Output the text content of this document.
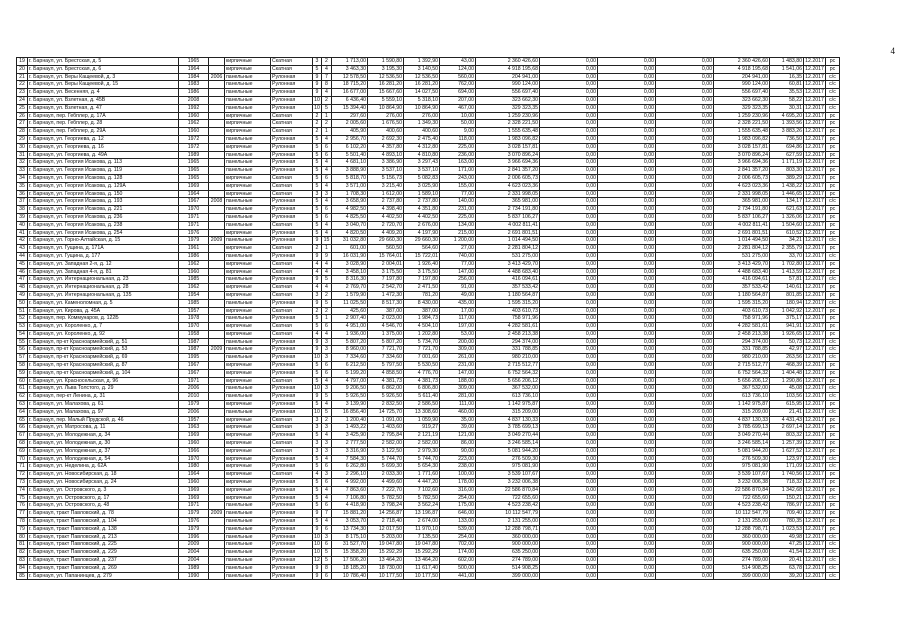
4
19	г. Барнаул, ул. Брестская, д. 5	1965		кирпичные	Скатная	3	2	1 713,00	1 590,80	1 392,90	43,00	2 360 426,60	0,00	0,00	0,00	2 360 426,60	1 483,80	12.2017	рс
20	г. Барнаул, ул. Брестская, д. 6	1964		кирпичные	Скатная	5	4	3 463,30	3 195,30	3 140,50	124,00	4 918 195,68	0,00	0,00	0,00	4 918 195,68	1 541,06	12.2017	рс
21	г. Барнаул, ул. Веры Кащеевой, д. 3	1984	2006	панельные	Рулонная	9	7	12 578,50	12 536,50	12 536,50	560,00	204 941,00	0,00	0,00	0,00	204 941,00	16,35	12.2017	с/с
22	г. Барнаул, ул. Веры Кащеевой, д. 15	1983		панельные	Рулонная	9	8	18 715,20	16 281,20	16 281,20	762,00	990 124,00	0,00	0,00	0,00	990 124,00	60,81	12.2017	с/с
23	г. Барнаул, ул. Весенняя, д. 4	1986		панельные	Рулонная	9	4	16 677,00	15 667,60	14 027,50	694,00	556 697,40	0,00	0,00	0,00	556 697,40	35,53	12.2017	с/с
24	г. Барнаул, ул. Взлетная, д. 45В	2008		панельные	Рулонная	10	2	6 436,40	5 559,10	5 318,10	207,00	323 662,30	0,00	0,00	0,00	323 662,30	58,22	12.2017	с/с
25	г. Барнаул, ул. Взлетная, д. 47	1992		панельные	Рулонная	10	5	15 394,40	10 864,90	10 864,90	467,00	329 323,35	0,00	0,00	0,00	329 323,35	30,31	12.2017	с/с
26	г. Барнаул, пер. Гебплер, д. 17А	1960		кирпичные	Скатная	2	1	297,60	276,00	276,00	10,00	1 259 230,96	0,00	0,00	0,00	1 259 230,96	4 695,20	12.2017	рс
27	г. Барнаул, пер. Гебплер, д. 28	1962		кирпичные	Скатная	2	2	2 005,60	1 676,50	1 349,30	50,00	2 328 221,50	0,00	0,00	0,00	2 328 221,50	1 393,56	12.2017	рс
28	г. Барнаул, пер. Гебплер, д. 29А	1960		кирпичные	Скатная	2	1	405,90	400,60	400,60	9,00	1 555 635,48	0,00	0,00	0,00	1 555 635,48	3 883,26	12.2017	рс
29	г. Барнаул, ул. Георгиева, д. 12	1972		панельные	Рулонная	5	4	2 956,70	2 692,30	2 475,40	118,00	1 983 096,82	0,00	0,00	0,00	1 983 096,82	736,50	12.2017	рс
30	г. Барнаул, ул. Георгиева, д. 16	1972		кирпичные	Рулонная	5	6	6 102,20	4 357,80	4 312,80	225,00	3 028 157,81	0,00	0,00	0,00	3 028 157,81	694,86	12.2017	рс
31	г. Барнаул, ул. Георгиева, д. 49А	1989		панельные	Рулонная	5	6	5 501,40	4 893,10	4 810,80	236,00	3 070 896,24	0,00	0,00	0,00	3 070 896,24	627,59	12.2017	рс
32	г. Барнаул, ул. Георгия Исакова, д. 113	1965		панельные	Рулонная	5	4	4 681,10	3 386,90	3 297,43	163,00	3 966 694,36	0,00	0,00	0,00	3 966 694,36	1 171,19	12.2017	рс
33	г. Барнаул, ул. Георгия Исакова, д. 119	1965		панельные	Рулонная	5	4	3 888,90	3 537,10	3 537,10	171,00	2 841 357,20	0,00	0,00	0,00	2 841 357,20	803,30	12.2017	рс
34	г. Барнаул, ул. Георгия Исакова, д. 128	1965		кирпичные	Скатная	5	6	5 818,70	5 156,73	5 082,83	243,00	2 006 605,73	0,00	0,00	0,00	2 006 605,73	389,29	12.2017	рс
35	г. Барнаул, ул. Георгия Исакова, д. 129А	1969		кирпичные	Скатная	5	4	3 571,00	3 215,40	3 025,90	155,00	4 623 023,36	0,00	0,00	0,00	4 623 023,36	1 438,22	12.2017	рс
36	г. Барнаул, ул. Георгия Исакова, д. 150	1964		кирпичные	Скатная	3	3	1 708,30	1 612,00	1 589,10	77,00	2 331 998,05	0,00	0,00	0,00	2 331 998,05	1 446,65	12.2017	рс
37	г. Барнаул, ул. Георгия Исакова, д. 193	1967	2008	панельные	Рулонная	5	4	3 658,90	2 737,80	2 737,80	140,00	365 981,00	0,00	0,00	0,00	365 981,00	134,17	12.2017	с/с
38	г. Барнаул, ул. Георгия Исакова, д. 221	1970		панельные	Рулонная	5	6	4 982,50	4 398,40	4 351,80	231,00	2 734 191,80	0,00	0,00	0,00	2 734 191,80	621,63	12.2017	рс
39	г. Барнаул, ул. Георгия Исакова, д. 236	1971		панельные	Рулонная	5	6	4 825,50	4 402,50	4 402,50	225,00	5 837 106,27	0,00	0,00	0,00	5 837 106,27	1 326,06	12.2017	рс
40	г. Барнаул, ул. Георгия Исакова, д. 238	1971		панельные	Скатная	5	4	3 040,70	2 720,70	2 676,00	134,00	4 002 811,41	0,00	0,00	0,00	4 002 811,41	1 504,60	12.2017	рс
41	г. Барнаул, ул. Георгия Исакова, д. 254	1976		кирпичные	Рулонная	5	4	4 820,50	4 409,20	4 197,90	215,00	2 691 801,51	0,00	0,00	0,00	2 691 801,51	610,52	12.2017	рс
42	г. Барнаул, ул. Горно-Алтайская, д. 15	1979	2009	панельные	Рулонная	9	15	31 032,80	29 660,30	29 660,30	1 200,00	1 014 494,50	0,00	0,00	0,00	1 014 494,50	34,21	12.2017	с/с
43	г. Барнаул, ул. Гущина, д. 171А	1961		кирпичные	Скатная	2	1	601,00	560,50	564,60	27,00	2 281 804,12	0,00	0,00	0,00	2 281 804,12	2 355,79	12.2017	рс
44	г. Барнаул, ул. Гущина, д. 177	1986		панельные	Рулонная	9	9	16 031,90	15 764,01	15 722,01	740,00	531 275,00	0,00	0,00	0,00	531 275,00	33,70	12.2017	с/с
45	г. Барнаул, ул. Западная 2-я, д. 12	1962		кирпичные	Скатная	4	4	3 028,90	2 004,01	1 926,40	77,00	3 413 429,70	0,00	0,00	0,00	3 413 429,70	1 702,80	12.2017	рс
46	г. Барнаул, ул. Западная 4-я, д. 81	1960		кирпичные	Скатная	4	4	3 458,10	3 175,50	3 175,50	147,00	4 488 683,40	0,00	0,00	0,00	4 488 683,40	1 413,59	12.2017	рс
47	г. Барнаул, ул. Интернациональная, д. 23	1985		панельные	Рулонная	9	5	8 316,30	7 197,80	7 197,80	256,00	416 094,61	0,00	0,00	0,00	416 094,61	57,81	12.2017	с/с
48	г. Барнаул, ул. Интернациональная, д. 28	1962		кирпичные	Скатная	4	4	2 769,70	2 542,70	2 471,50	91,00	357 533,42	0,00	0,00	0,00	357 533,42	140,61	12.2017	рс
49	г. Барнаул, ул. Интернациональная, д. 135	1954		кирпичные	Скатная	3	2	1 579,90	1 472,30	781,20	49,00	1 180 564,87	0,00	0,00	0,00	1 180 564,87	801,85	12.2017	рс
50	г. Барнаул, ул. Каменоломная, д. 5	1985		панельные	Рулонная	9	5	11 025,50	8 517,30	8 430,00	435,00	1 595 315,20	0,00	0,00	0,00	1 595 315,20	180,94	12.2017	с/с
51	г. Барнаул, ул. Кирова, д. 45А	1957		кирпичные	Скатная	2	2	425,60	387,00	387,00	17,00	403 610,73	0,00	0,00	0,00	403 610,73	1 042,92	12.2017	рс
52	г. Барнаул, пер. Коммунаров, д. 122Б	1978		панельные	Рулонная	5	1	2 907,40	2 023,00	1 984,73	117,00	758 971,96	0,00	0,00	0,00	758 971,96	375,17	12.2017	рс
53	г. Барнаул, ул. Короленко, д. 7	1970		кирпичные	Скатная	5	6	4 951,00	4 546,70	4 504,10	197,00	4 282 581,61	0,00	0,00	0,00	4 282 581,61	941,91	12.2017	рс
54	г. Барнаул, ул. Короленко, д. 92	1958		кирпичные	Скатная	4	4	1 936,00	1 375,00	1 202,80	53,00	2 458 213,38	0,00	0,00	0,00	2 458 213,38	1 926,65	12.2017	рс
55	г. Барнаул, пр-кт Красноармейский, д. 51	1987		панельные	Рулонная	9	3	5 807,20	5 807,20	5 734,70	200,00	294 374,00	0,00	0,00	0,00	294 374,00	50,73	12.2017	с/с
56	г. Барнаул, пр-кт Красноармейский, д. 53	1987	2009	панельные	Рулонная	9	3	8 960,00	7 721,70	7 721,70	309,00	331 788,85	0,00	0,00	0,00	331 788,85	42,97	12.2017	с/с
57	г. Барнаул, пр-кт Красноармейский, д. 69	1995		панельные	Рулонная	10	3	7 334,60	7 334,60	7 001,60	261,00	980 210,00	0,00	0,00	0,00	980 210,00	263,56	12.2017	с/с
58	г. Барнаул, пр-кт Красноармейский, д. 87	1967		кирпичные	Рулонная	5	6	6 212,50	5 797,50	5 530,50	231,00	2 715 512,77	0,00	0,00	0,00	2 715 512,77	468,39	12.2017	рс
59	г. Барнаул, пр-кт Красноармейский, д. 104	1967		кирпичные	Рулонная	5	6	5 199,20	4 858,50	4 776,70	147,00	6 752 564,32	0,00	0,00	0,00	6 752 564,32	1 404,48	12.2017	рс
60	г. Барнаул, ул. Красносельская, д. 96	1971		кирпичные	Скатная	5	4	4 797,00	4 381,73	4 381,73	188,00	5 656 206,12	0,00	0,00	0,00	5 656 206,12	1 290,86	12.2017	рс
61	г. Барнаул, ул. Льва Толстого, д. 29	2006		панельные	Рулонная	10	3	9 206,50	6 862,00	6 806,80	309,00	367 532,00	0,00	0,00	0,00	367 532,00	45,08	12.2017	с/с
62	г. Барнаул, пер-кт Ленина, д. 31	2010		панельные	Рулонная	9	5	5 926,50	5 926,50	5 611,40	281,00	613 736,10	0,00	0,00	0,00	613 736,10	103,56	12.2017	с/с
63	г. Барнаул, ул. Малахова, д. 61	1979		кирпичные	Рулонная	5	4	3 139,90	2 832,50	2 586,50	111,00	1 142 975,87	0,00	0,00	0,00	1 142 975,87	615,95	12.2017	рс
64	г. Барнаул, ул. Малахова, д. 97	2006		панельные	Рулонная	10	5	16 856,40	14 725,70	13 308,60	460,00	315 209,00	0,00	0,00	0,00	315 209,00	21,41	12.2017	с/с
65	г. Барнаул, пер. Малый Прудской, д. 46	1957		кирпичные	Скатная	3	2	1 200,40	1 091,00	1 059,90	35,00	4 837 130,33	0,00	0,00	0,00	4 837 130,33	4 431,43	12.2017	рс
66	г. Барнаул, ул. Матросова, д. 11	1963		кирпичные	Скатная	3	3	1 493,22	1 403,60	919,27	39,00	3 785 699,13	0,00	0,00	0,00	3 785 699,13	2 697,14	12.2017	рс
67	г. Барнаул, ул. Молодежная, д. 34	1969		кирпичные	Рулонная	5	4	3 425,90	2 795,84	2 121,19	121,00	3 049 270,44	0,00	0,00	0,00	3 049 270,44	803,32	12.2017	рс
68	г. Барнаул, ул. Молодежная, д. 30	1960		кирпичные	Скатная	3	3	2 777,50	2 582,00	2 582,00	86,00	3 246 585,14	0,00	0,00	0,00	3 246 585,14	1 257,39	12.2017	рс
69	г. Барнаул, ул. Молодежная, д. 37	1966		кирпичные	Скатная	3	3	3 316,90	3 122,50	2 979,30	90,00	5 081 944,20	0,00	0,00	0,00	5 081 944,20	1 627,52	12.2017	рс
70	г. Барнаул, ул. Молодежная, д. 54	1970		кирпичные	Рулонная	5	4	7 584,30	5 744,70	5 744,70	223,00	276 509,30	0,00	0,00	0,00	276 509,30	123,97	12.2017	с/с
71	г. Барнаул, ул. Неделина, д. 62А	1980		кирпичные	Рулонная	5	6	6 262,80	5 699,30	5 654,30	238,00	975 081,90	0,00	0,00	0,00	975 081,90	171,09	12.2017	с/с
72	г. Барнаул, ул. Новосибирская, д. 18	1964		кирпичные	Скатная	4	3	2 296,10	2 033,30	1 771,60	100,00	3 539 107,67	0,00	0,00	0,00	3 539 107,67	1 740,56	12.2017	рс
73	г. Барнаул, ул. Новосибирская, д. 24	1960		кирпичные	Рулонная	5	6	4 992,00	4 499,60	4 447,20	178,00	3 232 006,38	0,00	0,00	0,00	3 232 006,38	718,32	12.2017	рс
74	г. Барнаул, ул. Островского, д. 3	1969		кирпичные	Рулонная	5	4	7 863,60	7 222,70	7 102,60	316,00	22 586 870,84	0,00	0,00	0,00	22 586 870,84	1 342,68	12.2017	рс
75	г. Барнаул, ул. Островского, д. 17	1969		кирпичные	Рулонная	5	4	7 106,80	5 782,50	5 782,50	254,00	722 655,60	0,00	0,00	0,00	722 655,60	150,21	12.2017	с/с
76	г. Барнаул, ул. Островского, д. 48	1971		панельные	Рулонная	5	6	4 418,90	3 798,24	3 562,24	175,00	4 523 238,42	0,00	0,00	0,00	4 523 238,42	786,97	12.2017	рс
77	г. Барнаул, тракт Павловский, д. 78	1979	2009	панельные	Рулонная	9	7	15 881,20	14 256,87	13 196,87	646,00	10 112 547,79	0,00	0,00	0,00	10 112 547,79	709,40	12.2017	рс
78	г. Барнаул, тракт Павловский, д. 104	1976		панельные	Рулонная	5	4	3 053,70	2 718,40	2 674,00	133,00	2 131 255,00	0,00	0,00	0,00	2 131 255,00	780,35	12.2017	рс
79	г. Барнаул, тракт Павловский, д. 138	1979		панельные	Рулонная	9	6	13 734,30	12 017,50	11 970,10	539,00	12 288 798,71	0,00	0,00	0,00	12 288 798,71	1 023,53	12.2017	рс
80	г. Барнаул, тракт Павловский, д. 213	1996		панельные	Рулонная	10	3	8 175,10	5 203,00	7 135,50	254,00	360 000,00	0,00	0,00	0,00	360 000,00	49,98	12.2017	с/с
81	г. Барнаул, тракт Павловский, д. 225	2009		панельные	Рулонная	10	6	31 527,70	19 047,80	19 047,80	702,00	900 000,00	0,00	0,00	0,00	900 000,00	47,25	12.2017	с/с
82	г. Барнаул, тракт Павловский, д. 229	2004		панельные	Рулонная	10	5	15 358,20	15 292,29	15 292,29	174,00	635 250,00	0,00	0,00	0,00	635 250,00	41,54	12.2017	с/с
83	г. Барнаул, тракт Павловский, д. 237	2004		панельные	Рулонная	12	5	17 506,20	13 464,20	13 464,20	602,00	274 789,00	0,00	0,00	0,00	274 789,00	20,41	12.2017	с/с
84	г. Барнаул, тракт Павловский, д. 269	1989		панельные	Рулонная	9	8	18 185,20	18 730,00	11 617,40	500,00	514 908,25	0,00	0,00	0,00	514 908,25	63,78	12.2017	с/с
85	г. Барнаул, ул. Папанинцев, д. 279	1990		панельные	Рулонная	9	6	10 786,40	10 177,50	10 177,50	441,00	399 000,00	0,00	0,00	0,00	399 000,00	39,20	12.2017	с/с
